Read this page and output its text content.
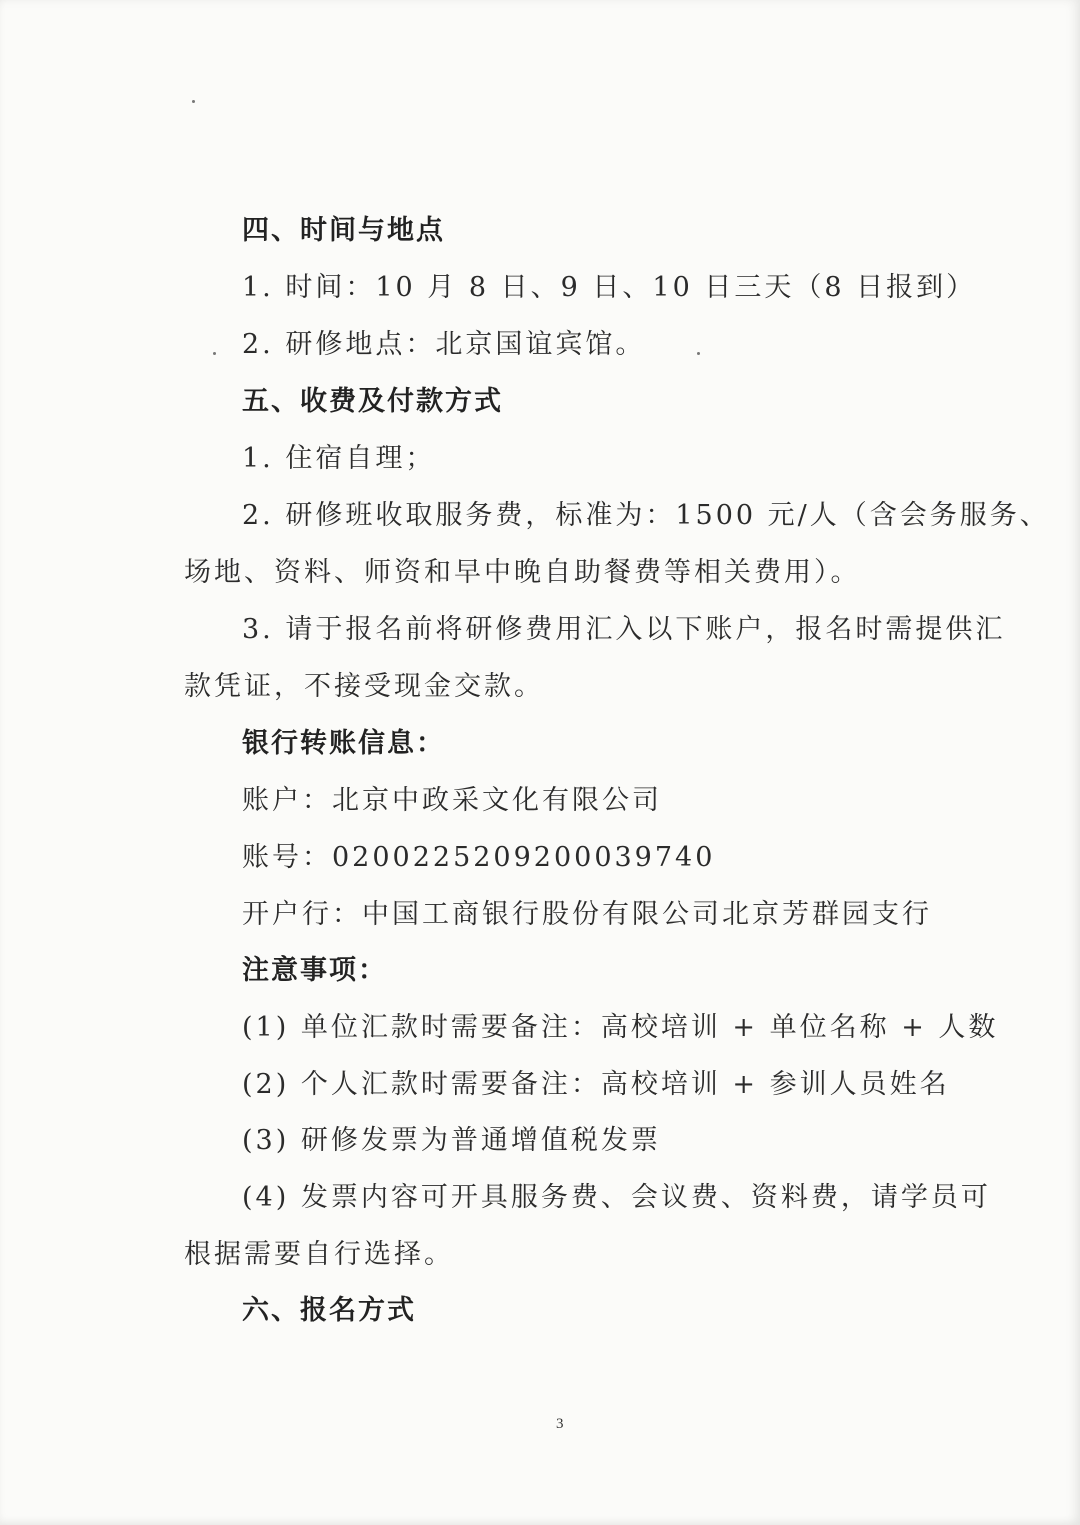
四、时间与地点
1. 时间：10 月 8 日、9 日、10 日三天（8 日报到）
2. 研修地点：北京国谊宾馆。
五、收费及付款方式
1. 住宿自理；
2. 研修班收取服务费，标准为：1500 元/人（含会务服务、
场地、资料、师资和早中晚自助餐费等相关费用）。
3. 请于报名前将研修费用汇入以下账户，报名时需提供汇
款凭证，不接受现金交款。
银行转账信息：
账户：北京中政采文化有限公司
账号：0200225209200039740
开户行：中国工商银行股份有限公司北京芳群园支行
注意事项：
(1) 单位汇款时需要备注：高校培训 + 单位名称 + 人数
(2) 个人汇款时需要备注：高校培训 + 参训人员姓名
(3) 研修发票为普通增值税发票
(4) 发票内容可开具服务费、会议费、资料费，请学员可
根据需要自行选择。
六、报名方式
3
